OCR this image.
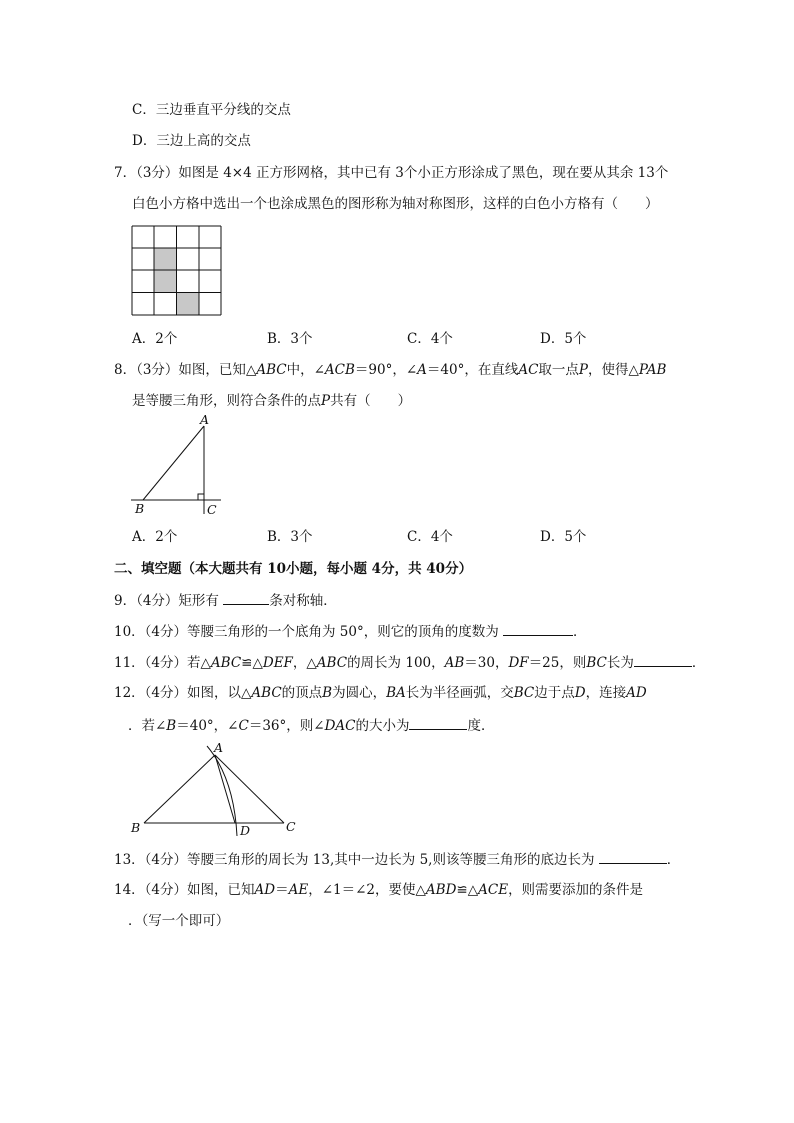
C．三边垂直平分线的交点
D．三边上高的交点
7．（3分）如图是 4×4 正方形网格，其中已有 3个小正方形涂成了黑色，现在要从其余 13个
白色小方格中选出一个也涂成黑色的图形称为轴对称图形，这样的白色小方格有（　　）
A．2个	B．3个	C．4个	D．5个
8．（3分）如图，已知△ABC中，∠ACB＝90°，∠A＝40°，在直线AC取一点P，使得△PAB
是等腰三角形，则符合条件的点P共有（　　）
A
B	C
A．2个	B．3个	C．4个	D．5个
二、填空题（本大题共有 10小题，每小题 4分，共 40分）
9．（4分）矩形有	条对称轴．
10．（4分）等腰三角形的一个底角为 50°，则它的顶角的度数为	．
11．（4分）若△ABC≌△DEF，△ABC的周长为 100，AB＝30，DF＝25，则BC长为	．
12．（4分）如图，以△ABC的顶点B为圆心，BA长为半径画弧，交BC边于点D，连接AD
．若∠B＝40°，∠C＝36°，则∠DAC的大小为	度．
A
B	C
D
13．（4分）等腰三角形的周长为 13,其中一边长为 5,则该等腰三角形的底边长为	．
14．（4分）如图，已知AD＝AE，∠1＝∠2，要使△ABD≌△ACE，则需要添加的条件是
．（写一个即可）
